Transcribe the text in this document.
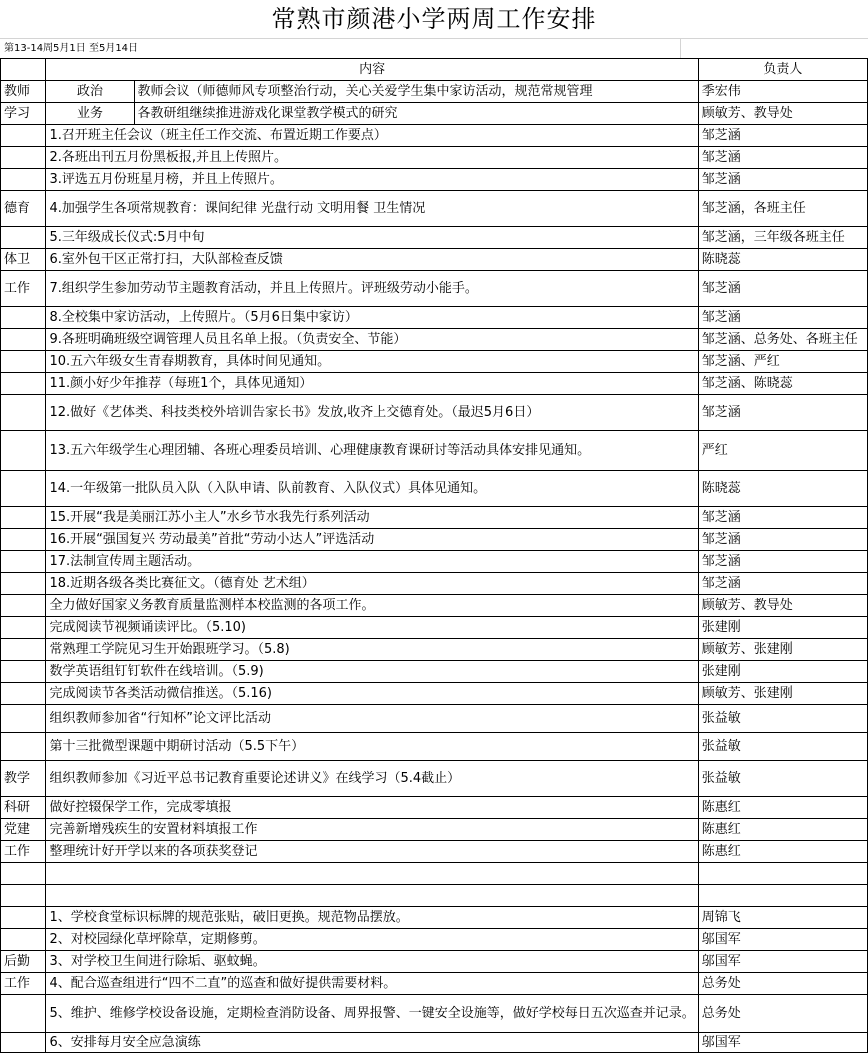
常熟市颜港小学两周工作安排
第13-14周5月1日 至5月14日
	内容		负责人
教师	政治	教师会议（师德师风专项整治行动，关心关爱学生集中家访活动，规范常规管理	季宏伟
学习	业务	各教研组继续推进游戏化课堂教学模式的研究	顾敏芳、教导处
	1.召开班主任会议（班主任工作交流、布置近期工作要点）		邹芝涵
	2.各班出刊五月份黑板报,并且上传照片。		邹芝涵
	3.评选五月份班星月榜，并且上传照片。		邹芝涵
德育	4.加强学生各项常规教育：课间纪律 光盘行动 文明用餐 卫生情况		邹芝涵，各班主任
	5.三年级成长仪式:5月中旬		邹芝涵，三年级各班主任
体卫	6.室外包干区正常打扫，大队部检查反馈		陈晓蕊
工作	7.组织学生参加劳动节主题教育活动，并且上传照片。评班级劳动小能手。		邹芝涵
	8.全校集中家访活动，上传照片。（5月6日集中家访）		邹芝涵
	9.各班明确班级空调管理人员且名单上报。（负责安全、节能）		邹芝涵、总务处、各班主任
	10.五六年级女生青春期教育，具体时间见通知。		邹芝涵、严红
	11.颜小好少年推荐（每班1个，具体见通知）		邹芝涵、陈晓蕊
	12.做好《艺体类、科技类校外培训告家长书》发放,收齐上交德育处。（最迟5月6日）		邹芝涵
	13.五六年级学生心理团辅、各班心理委员培训、心理健康教育课研讨等活动具体安排见通知。		严红
	14.一年级第一批队员入队（入队申请、队前教育、入队仪式）具体见通知。		陈晓蕊
	15.开展“我是美丽江苏小主人”水乡节水我先行系列活动		邹芝涵
	16.开展“强国复兴 劳动最美”首批“劳动小达人”评选活动		邹芝涵
	17.法制宣传周主题活动。		邹芝涵
	18.近期各级各类比赛征文。（德育处 艺术组）		邹芝涵
	全力做好国家义务教育质量监测样本校监测的各项工作。		顾敏芳、教导处
	完成阅读节视频诵读评比。（5.10)		张建刚
	常熟理工学院见习生开始跟班学习。（5.8)		顾敏芳、张建刚
	数学英语组钉钉软件在线培训。（5.9)		张建刚
	完成阅读节各类活动微信推送。（5.16)		顾敏芳、张建刚
	组织教师参加省“行知杯”论文评比活动		张益敏
	第十三批微型课题中期研讨活动（5.5下午）		张益敏
教学	组织教师参加《习近平总书记教育重要论述讲义》在线学习（5.4截止）		张益敏
科研	做好控辍保学工作，完成零填报		陈惠红
党建	完善新增残疾生的安置材料填报工作		陈惠红
工作	整理统计好开学以来的各项获奖登记		陈惠红

	1、学校食堂标识标牌的规范张贴，破旧更换。规范物品摆放。		周锦飞
	2、对校园绿化草坪除草，定期修剪。		邬国军
后勤	3、对学校卫生间进行除垢、驱蚊蝇。		邬国军
工作	4、配合巡查组进行“四不二直”的巡查和做好提供需要材料。		总务处
	5、维护、维修学校设备设施，定期检查消防设备、周界报警、一键安全设施等，做好学校每日五次巡查并记录。		总务处
	6、安排每月安全应急演练		邬国军
